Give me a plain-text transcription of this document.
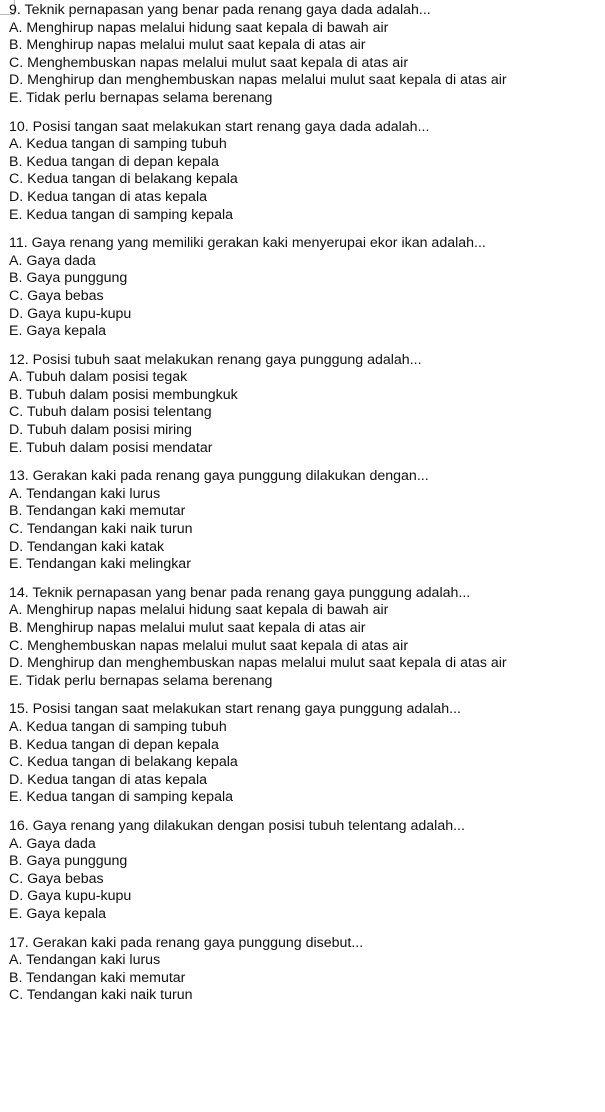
9. Teknik pernapasan yang benar pada renang gaya dada adalah...

A. Menghirup napas melalui hidung saat kepala di bawah air

B. Menghirup napas melalui mulut saat kepala di atas air

C. Menghembuskan napas melalui mulut saat kepala di atas air

D. Menghirup dan menghembuskan napas melalui mulut saat kepala di atas air

E. Tidak perlu bernapas selama berenang

10. Posisi tangan saat melakukan start renang gaya dada adalah...

A. Kedua tangan di samping tubuh

B. Kedua tangan di depan kepala

C. Kedua tangan di belakang kepala

D. Kedua tangan di atas kepala

E. Kedua tangan di samping kepala

11. Gaya renang yang memiliki gerakan kaki menyerupai ekor ikan adalah...

A. Gaya dada

B. Gaya punggung

C. Gaya bebas

D. Gaya kupu-kupu

E. Gaya kepala

12. Posisi tubuh saat melakukan renang gaya punggung adalah...

A. Tubuh dalam posisi tegak

B. Tubuh dalam posisi membungkuk

C. Tubuh dalam posisi telentang

D. Tubuh dalam posisi miring

E. Tubuh dalam posisi mendatar

13. Gerakan kaki pada renang gaya punggung dilakukan dengan...

A. Tendangan kaki lurus

B. Tendangan kaki memutar

C. Tendangan kaki naik turun

D. Tendangan kaki katak

E. Tendangan kaki melingkar

14. Teknik pernapasan yang benar pada renang gaya punggung adalah...

A. Menghirup napas melalui hidung saat kepala di bawah air

B. Menghirup napas melalui mulut saat kepala di atas air

C. Menghembuskan napas melalui mulut saat kepala di atas air

D. Menghirup dan menghembuskan napas melalui mulut saat kepala di atas air

E. Tidak perlu bernapas selama berenang

15. Posisi tangan saat melakukan start renang gaya punggung adalah...

A. Kedua tangan di samping tubuh

B. Kedua tangan di depan kepala

C. Kedua tangan di belakang kepala

D. Kedua tangan di atas kepala

E. Kedua tangan di samping kepala

16. Gaya renang yang dilakukan dengan posisi tubuh telentang adalah...

A. Gaya dada

B. Gaya punggung

C. Gaya bebas

D. Gaya kupu-kupu

E. Gaya kepala

17. Gerakan kaki pada renang gaya punggung disebut...

A. Tendangan kaki lurus

B. Tendangan kaki memutar

C. Tendangan kaki naik turun
